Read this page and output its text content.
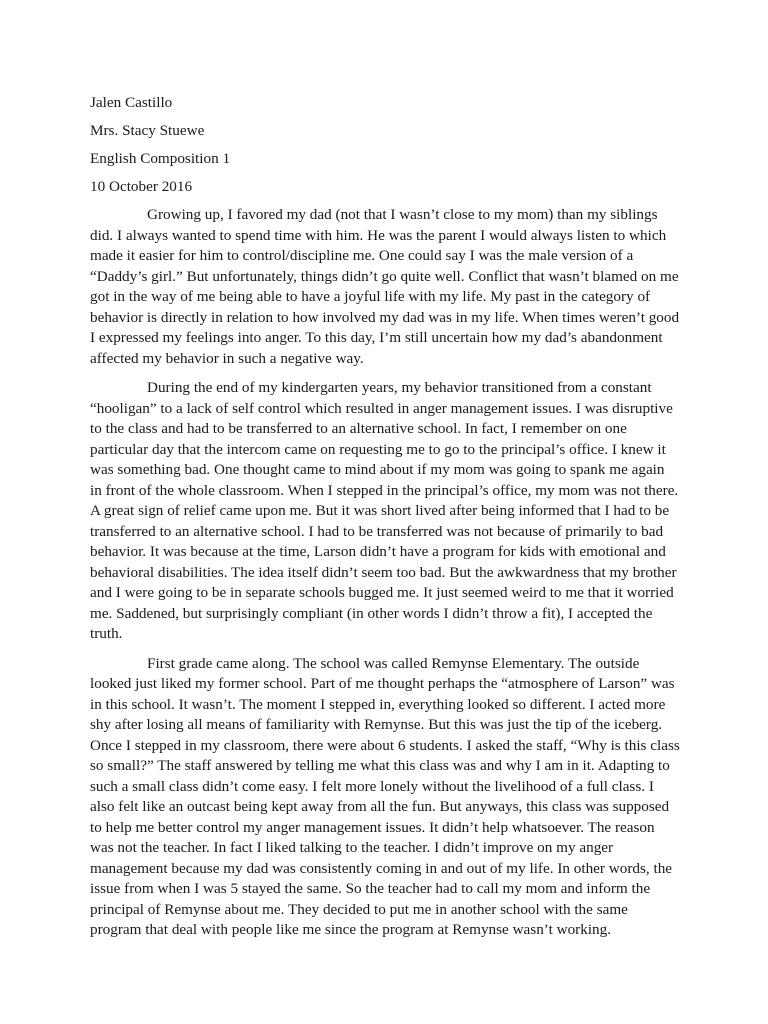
Jalen Castillo
Mrs. Stacy Stuewe
English Composition 1
10 October 2016

Growing up, I favored my dad (not that I wasn’t close to my mom) than my siblings did. I always wanted to spend time with him. He was the parent I would always listen to which made it easier for him to control/discipline me. One could say I was the male version of a “Daddy’s girl.” But unfortunately, things didn’t go quite well. Conflict that wasn’t blamed on me got in the way of me being able to have a joyful life with my life. My past in the category of behavior is directly in relation to how involved my dad was in my life. When times weren’t good I expressed my feelings into anger. To this day, I’m still uncertain how my dad’s abandonment affected my behavior in such a negative way.

During the end of my kindergarten years, my behavior transitioned from a constant “hooligan” to a lack of self control which resulted in anger management issues. I was disruptive to the class and had to be transferred to an alternative school. In fact, I remember on one particular day that the intercom came on requesting me to go to the principal’s office. I knew it was something bad. One thought came to mind about if my mom was going to spank me again in front of the whole classroom. When I stepped in the principal’s office, my mom was not there. A great sign of relief came upon me. But it was short lived after being informed that I had to be transferred to an alternative school. I had to be transferred was not because of primarily to bad behavior. It was because at the time, Larson didn’t have a program for kids with emotional and behavioral disabilities. The idea itself didn’t seem too bad. But the awkwardness that my brother and I were going to be in separate schools bugged me. It just seemed weird to me that it worried me. Saddened, but surprisingly compliant (in other words I didn’t throw a fit), I accepted the truth.

First grade came along. The school was called Remynse Elementary. The outside looked just liked my former school. Part of me thought perhaps the “atmosphere of Larson” was in this school. It wasn’t. The moment I stepped in, everything looked so different. I acted more shy after losing all means of familiarity with Remynse. But this was just the tip of the iceberg. Once I stepped in my classroom, there were about 6 students. I asked the staff, “Why is this class so small?” The staff answered by telling me what this class was and why I am in it. Adapting to such a small class didn’t come easy. I felt more lonely without the livelihood of a full class. I also felt like an outcast being kept away from all the fun. But anyways, this class was supposed to help me better control my anger management issues. It didn’t help whatsoever. The reason was not the teacher. In fact I liked talking to the teacher. I didn’t improve on my anger management because my dad was consistently coming in and out of my life. In other words, the issue from when I was 5 stayed the same. So the teacher had to call my mom and inform the principal of Remynse about me. They decided to put me in another school with the same program that deal with people like me since the program at Remynse wasn’t working.
